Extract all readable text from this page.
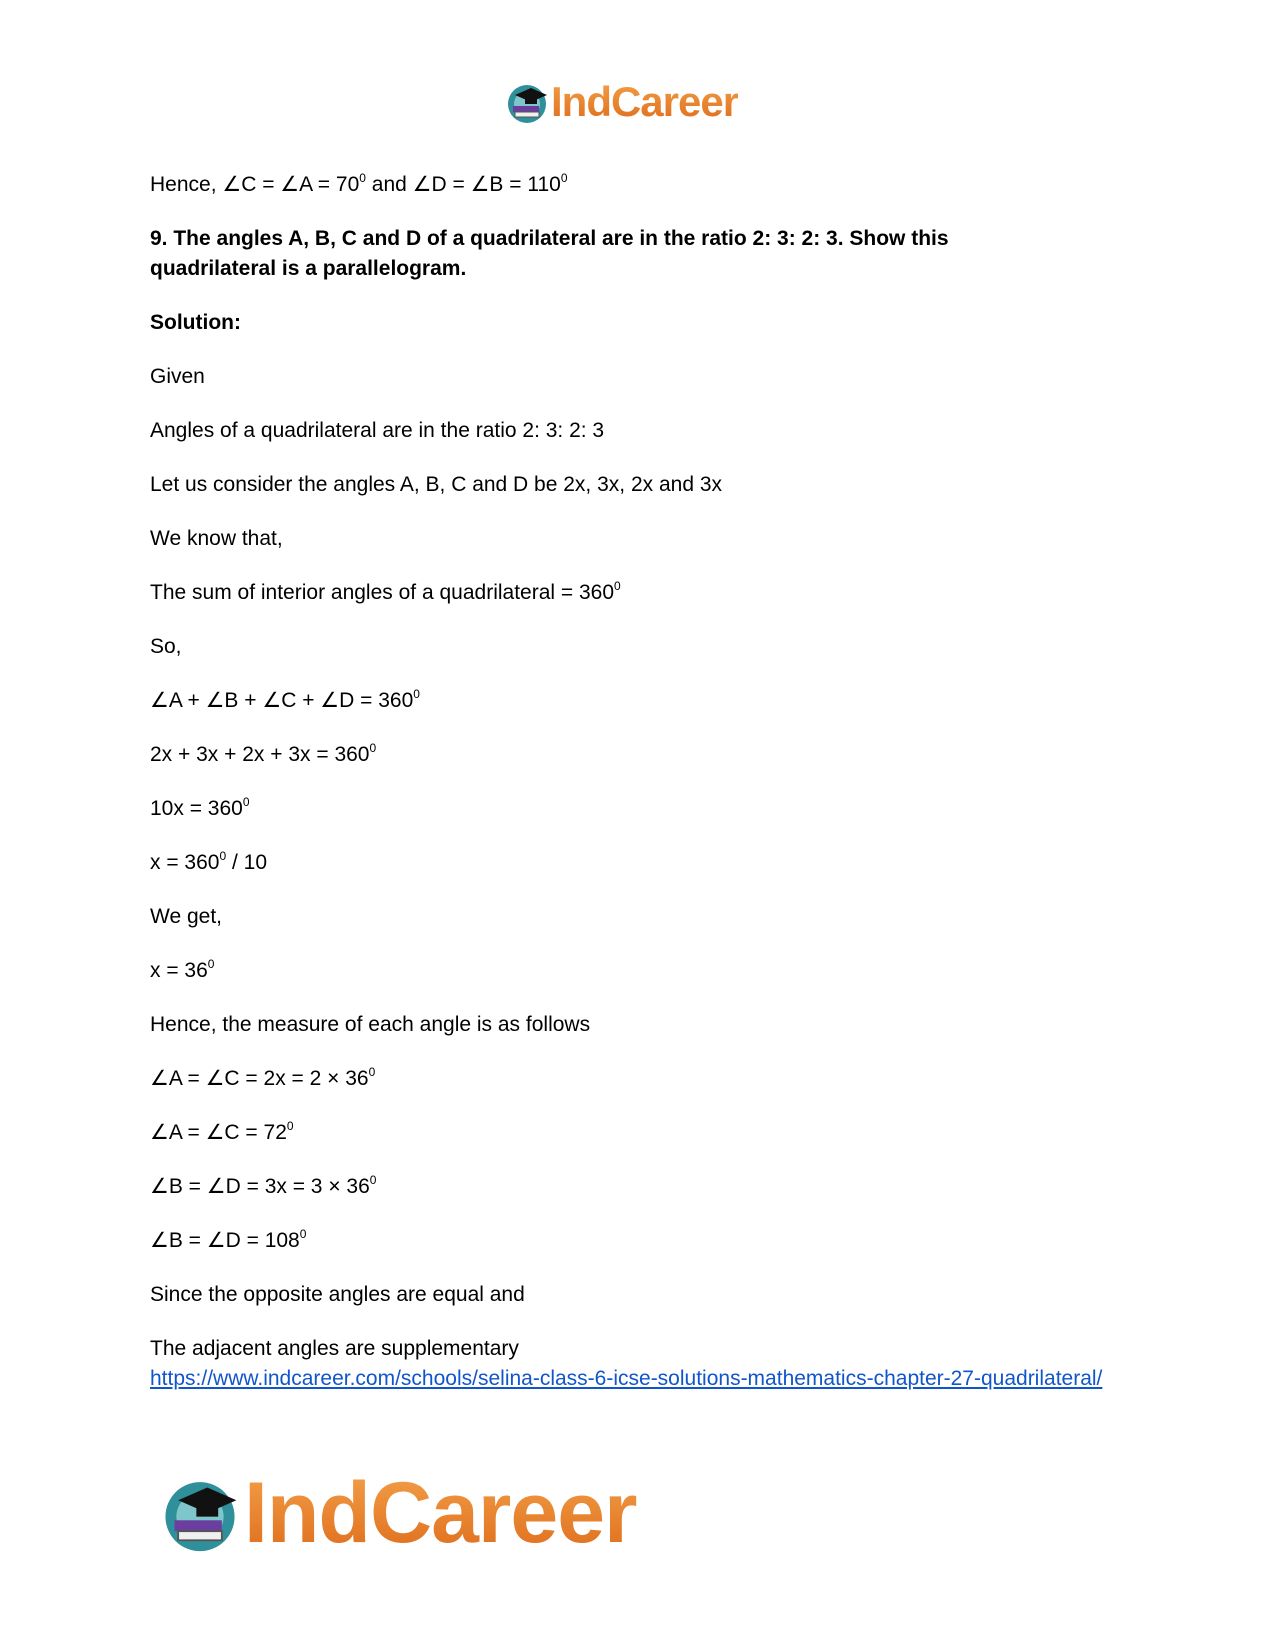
IndCareer
Hence, ∠C = ∠A = $70^0$ and ∠D = ∠B = $110^0$
9. The angles A, B, C and D of a quadrilateral are in the ratio 2: 3: 2: 3. Show this
quadrilateral is a parallelogram.
Solution:
Given
Angles of a quadrilateral are in the ratio 2: 3: 2: 3
Let us consider the angles A, B, C and D be 2x, 3x, 2x and 3x
We know that,
The sum of interior angles of a quadrilateral = $360^0$
So,
∠A + ∠B + ∠C + ∠D = $360^0$
$2x + 3x + 2x + 3x = 360^0$
$10x = 360^0$
$x = 360^0 / 10$
We get,
$x = 36^0$
Hence, the measure of each angle is as follows
∠A = ∠C = $2x = 2 \times 36^0$
∠A = ∠C = $72^0$
∠B = ∠D = $3x = 3 \times 36^0$
∠B = ∠D = $108^0$
Since the opposite angles are equal and
The adjacent angles are supplementary
https://www.indcareer.com/schools/selina-class-6-icse-solutions-mathematics-chapter-27-quadrilateral/
IndCareer
